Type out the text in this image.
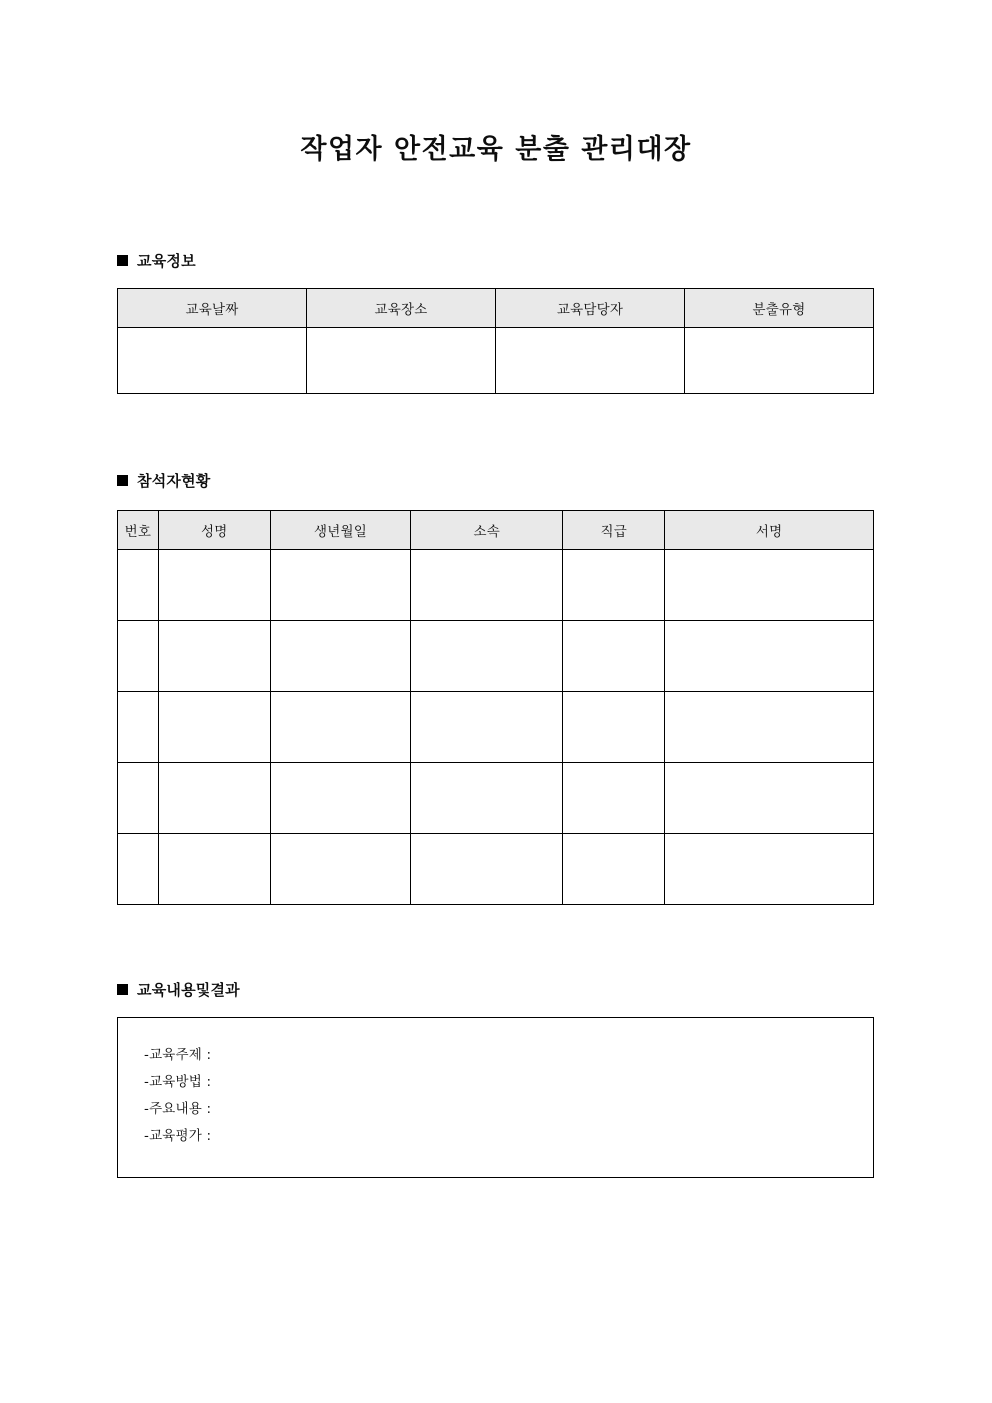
작업자 안전교육 분출 관리대장
교육정보
교육날짜	교육장소	교육담당자	분출유형

참석자현황
번호	성명	생년월일	소속	직급	서명

교육내용및결과
-교육주제 :
-교육방법 :
-주요내용 :
-교육평가 :
